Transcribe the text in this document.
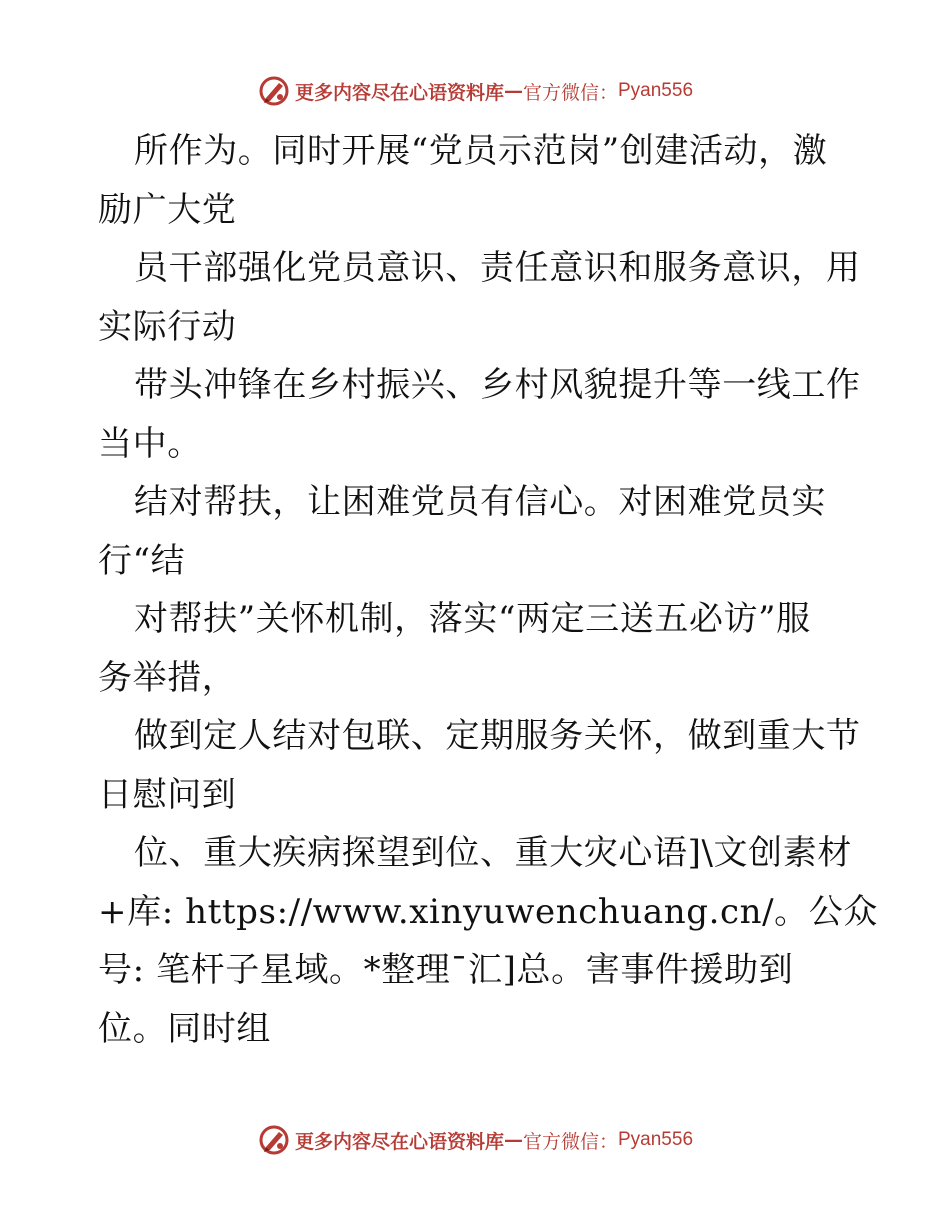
更多内容尽在心语资料库 — 官方微信： Pyan556
所作为。同时开展“党员示范岗”创建活动，激
励广大党
员干部强化党员意识、责任意识和服务意识，用
实际行动
带头冲锋在乡村振兴、乡村风貌提升等一线工作
当中。
结对帮扶，让困难党员有信心。对困难党员实
行“结
对帮扶”关怀机制，落实“两定三送五必访”服
务举措，
做到定人结对包联、定期服务关怀，做到重大节
日慰问到
位、重大疾病探望到位、重大灾心语]\文创素材
+库: https://www.xinyuwenchuang.cn/。公众
号: 笔杆子星域。*整理¯汇]总。害事件援助到
位。同时组
更多内容尽在心语资料库 — 官方微信： Pyan556
